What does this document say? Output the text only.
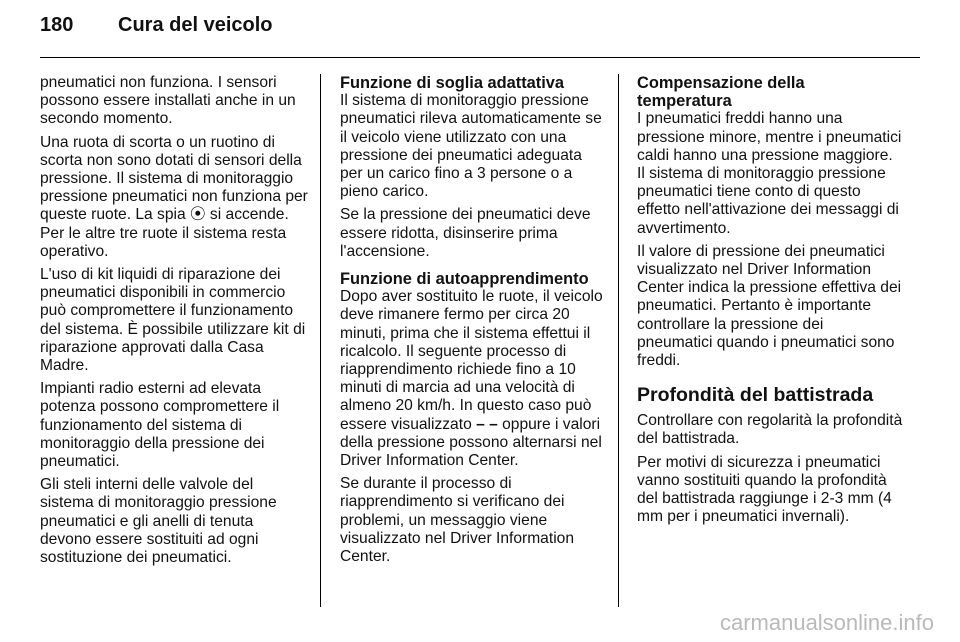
180	Cura del veicolo

pneumatici non funziona. I sensori possono essere installati anche in un secondo momento.

Una ruota di scorta o un ruotino di scorta non sono dotati di sensori della pressione. Il sistema di monitoraggio pressione pneumatici non funziona per queste ruote. La spia ⦿ si accende. Per le altre tre ruote il sistema resta operativo.

L'uso di kit liquidi di riparazione dei pneumatici disponibili in commercio può compromettere il funzionamento del sistema. È possibile utilizzare kit di riparazione approvati dalla Casa Madre.

Impianti radio esterni ad elevata potenza possono compromettere il funzionamento del sistema di monitoraggio della pressione dei pneumatici.

Gli steli interni delle valvole del sistema di monitoraggio pressione pneumatici e gli anelli di tenuta devono essere sostituiti ad ogni sostituzione dei pneumatici.

Funzione di soglia adattativa

Il sistema di monitoraggio pressione pneumatici rileva automaticamente se il veicolo viene utilizzato con una pressione dei pneumatici adeguata per un carico fino a 3 persone o a pieno carico.

Se la pressione dei pneumatici deve essere ridotta, disinserire prima l'accensione.

Funzione di autoapprendimento

Dopo aver sostituito le ruote, il veicolo deve rimanere fermo per circa 20 minuti, prima che il sistema effettui il ricalcolo. Il seguente processo di riapprendimento richiede fino a 10 minuti di marcia ad una velocità di almeno 20 km/h. In questo caso può essere visualizzato – – oppure i valori della pressione possono alternarsi nel Driver Information Center.

Se durante il processo di riapprendimento si verificano dei problemi, un messaggio viene visualizzato nel Driver Information Center.

Compensazione della temperatura

I pneumatici freddi hanno una pressione minore, mentre i pneumatici caldi hanno una pressione maggiore. Il sistema di monitoraggio pressione pneumatici tiene conto di questo effetto nell'attivazione dei messaggi di avvertimento.

Il valore di pressione dei pneumatici visualizzato nel Driver Information Center indica la pressione effettiva dei pneumatici. Pertanto è importante controllare la pressione dei pneumatici quando i pneumatici sono freddi.

Profondità del battistrada

Controllare con regolarità la profondità del battistrada.

Per motivi di sicurezza i pneumatici vanno sostituiti quando la profondità del battistrada raggiunge i 2-3 mm (4 mm per i pneumatici invernali).

carmanualsonline.info
